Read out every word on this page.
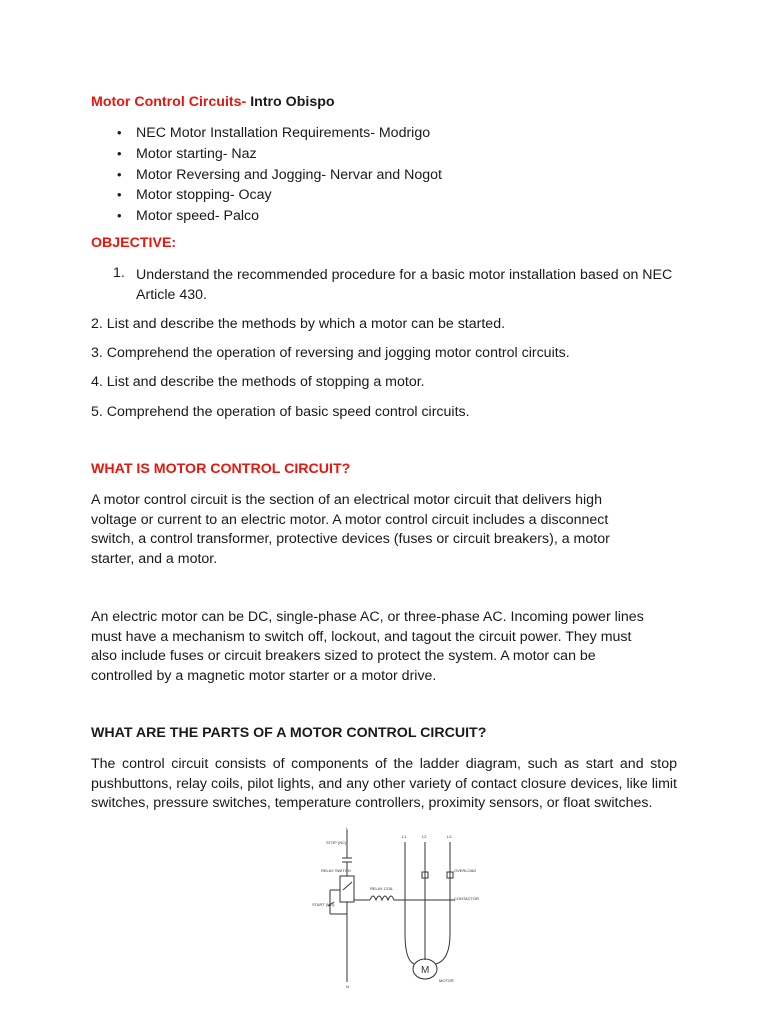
Motor Control Circuits- Intro Obispo
• NEC Motor Installation Requirements- Modrigo
• Motor starting- Naz
• Motor Reversing and Jogging- Nervar and Nogot
• Motor stopping- Ocay
• Motor speed- Palco
OBJECTIVE:
1. Understand the recommended procedure for a basic motor installation based on NEC Article 430.
2. List and describe the methods by which a motor can be started.
3. Comprehend the operation of reversing and jogging motor control circuits.
4. List and describe the methods of stopping a motor.
5. Comprehend the operation of basic speed control circuits.
WHAT IS MOTOR CONTROL CIRCUIT?
A motor control circuit is the section of an electrical motor circuit that delivers high voltage or current to an electric motor. A motor control circuit includes a disconnect switch, a control transformer, protective devices (fuses or circuit breakers), a motor starter, and a motor.
An electric motor can be DC, single-phase AC, or three-phase AC. Incoming power lines must have a mechanism to switch off, lockout, and tagout the circuit power. They must also include fuses or circuit breakers sized to protect the system. A motor can be controlled by a magnetic motor starter or a motor drive.
WHAT ARE THE PARTS OF A MOTOR CONTROL CIRCUIT?
The control circuit consists of components of the ladder diagram, such as start and stop pushbuttons, relay coils, pilot lights, and any other variety of contact closure devices, like limit switches, pressure switches, temperature controllers, proximity sensors, or float switches.
STOP (NC)
RELAY SWITCH
RELAY COIL
START (NO)
OVERLOAD
CONTACTOR
L1	L2	L3
L
N
MOTOR
M
